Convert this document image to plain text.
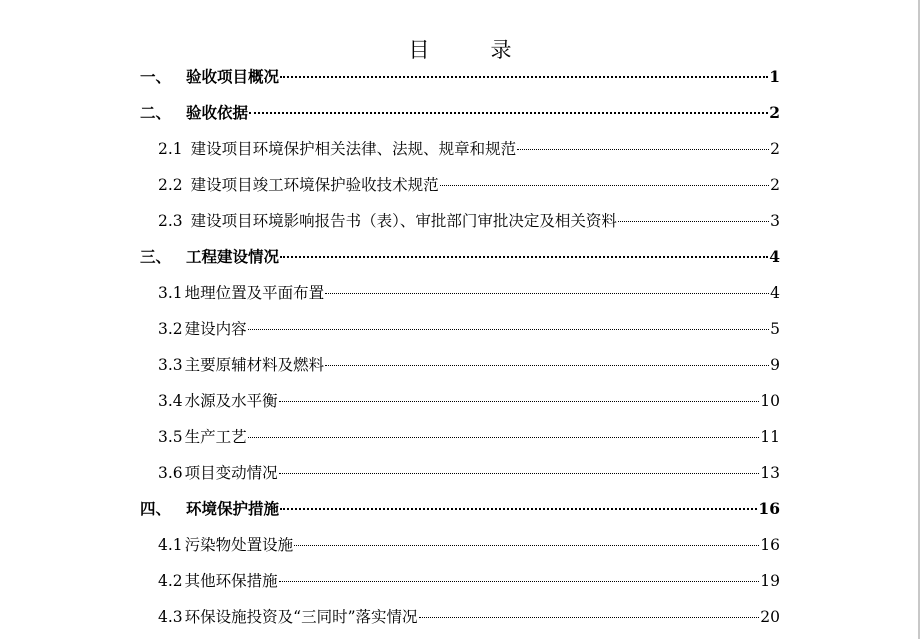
目　录
一、 验收项目概况	1
二、 验收依据	2
2.1 建设项目环境保护相关法律、法规、规章和规范	2
2.2 建设项目竣工环境保护验收技术规范	2
2.3 建设项目环境影响报告书（表）、审批部门审批决定及相关资料	3
三、 工程建设情况	4
3.1 地理位置及平面布置	4
3.2 建设内容	5
3.3 主要原辅材料及燃料	9
3.4 水源及水平衡	10
3.5 生产工艺	11
3.6 项目变动情况	13
四、 环境保护措施	16
4.1 污染物处置设施	16
4.2 其他环保措施	19
4.3 环保设施投资及“三同时”落实情况	20
